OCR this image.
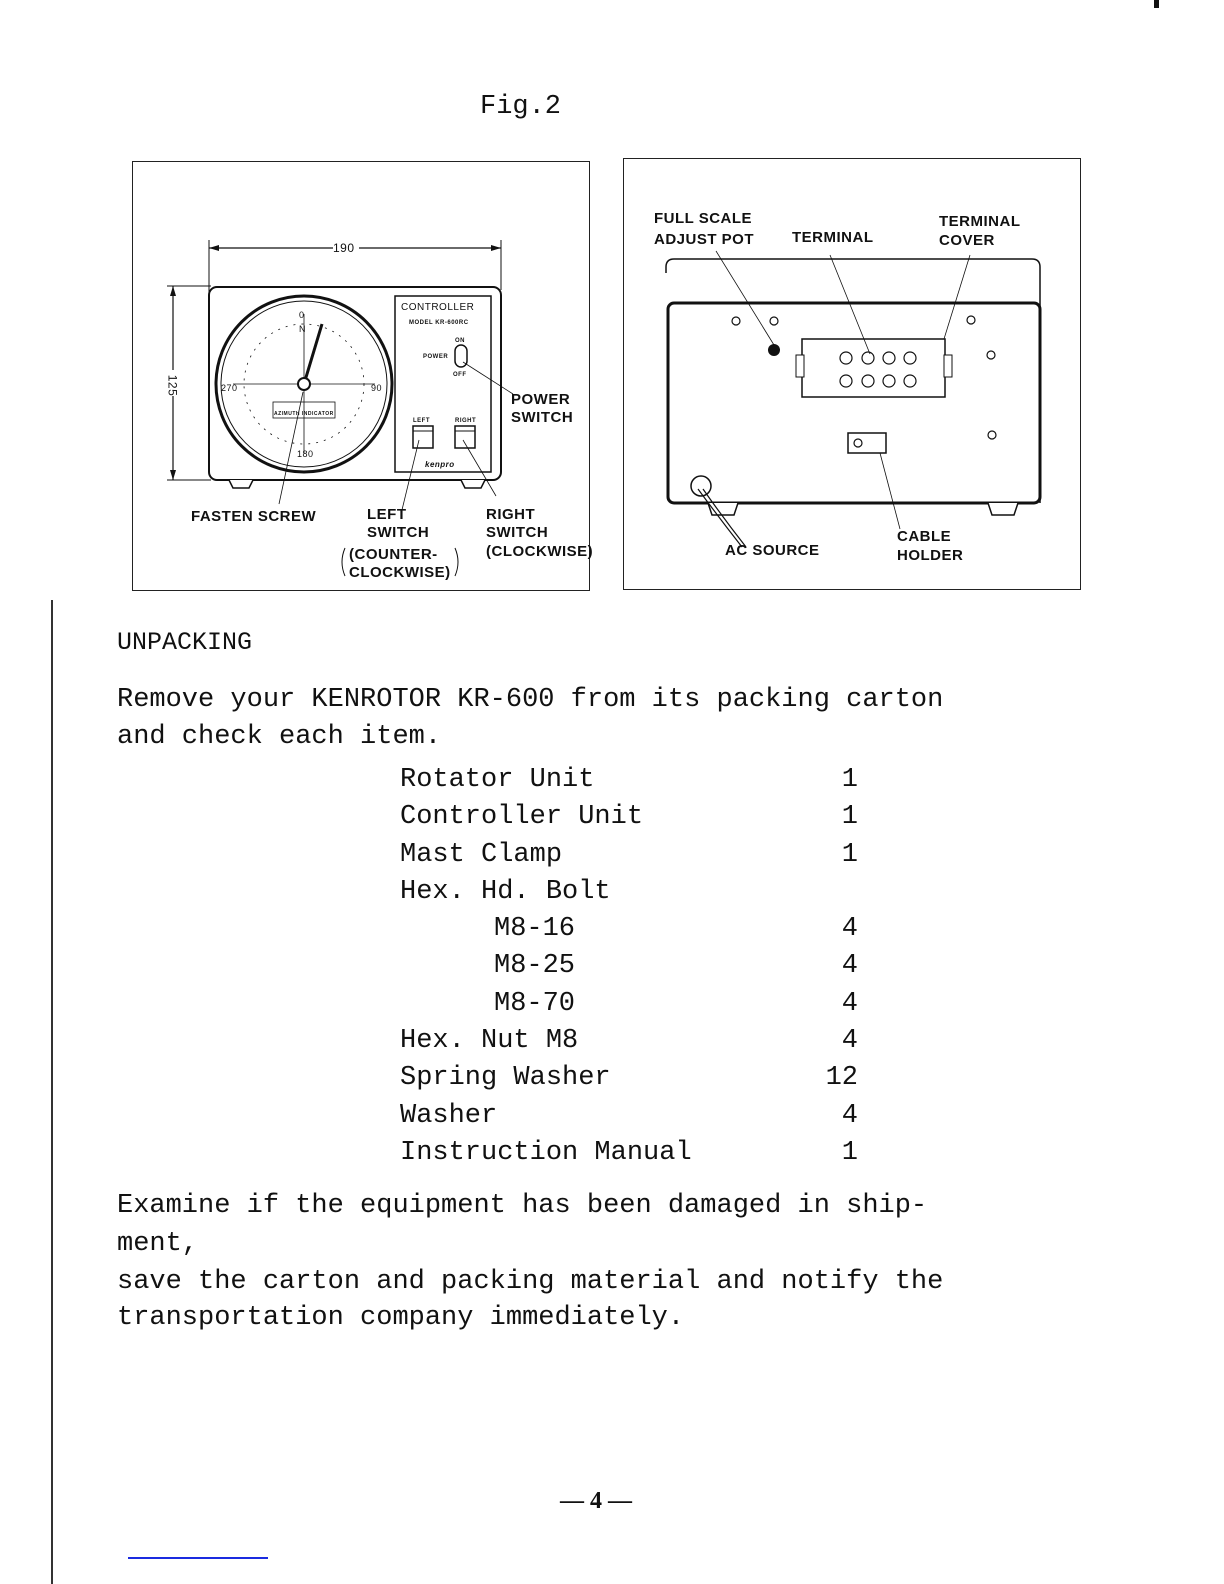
Fig.2
190
125
CONTROLLER
MODEL KR-600RC
POWER
ON
OFF
LEFT	RIGHT
kenpro
0
N
90
270
180
AZIMUTH INDICATOR
POWER
SWITCH
FASTEN SCREW	LEFT
SWITCH
(COUNTER-
CLOCKWISE)
RIGHT
SWITCH
(CLOCKWISE)
FULL SCALE
ADJUST POT	TERMINAL
TERMINAL
COVER
AC SOURCE
CABLE
HOLDER
UNPACKING
Remove your KENROTOR KR-600 from its packing carton
and check each item.
Rotator Unit	1
Controller Unit	1
Mast Clamp	1
Hex. Hd. Bolt
M8-16	4
M8-25	4
M8-70	4
Hex. Nut M8	4
Spring Washer	12
Washer	4
Instruction Manual	1
Examine if the equipment has been damaged in ship-
ment,
save the carton and packing material and notify the
transportation company immediately.
— 4 —
